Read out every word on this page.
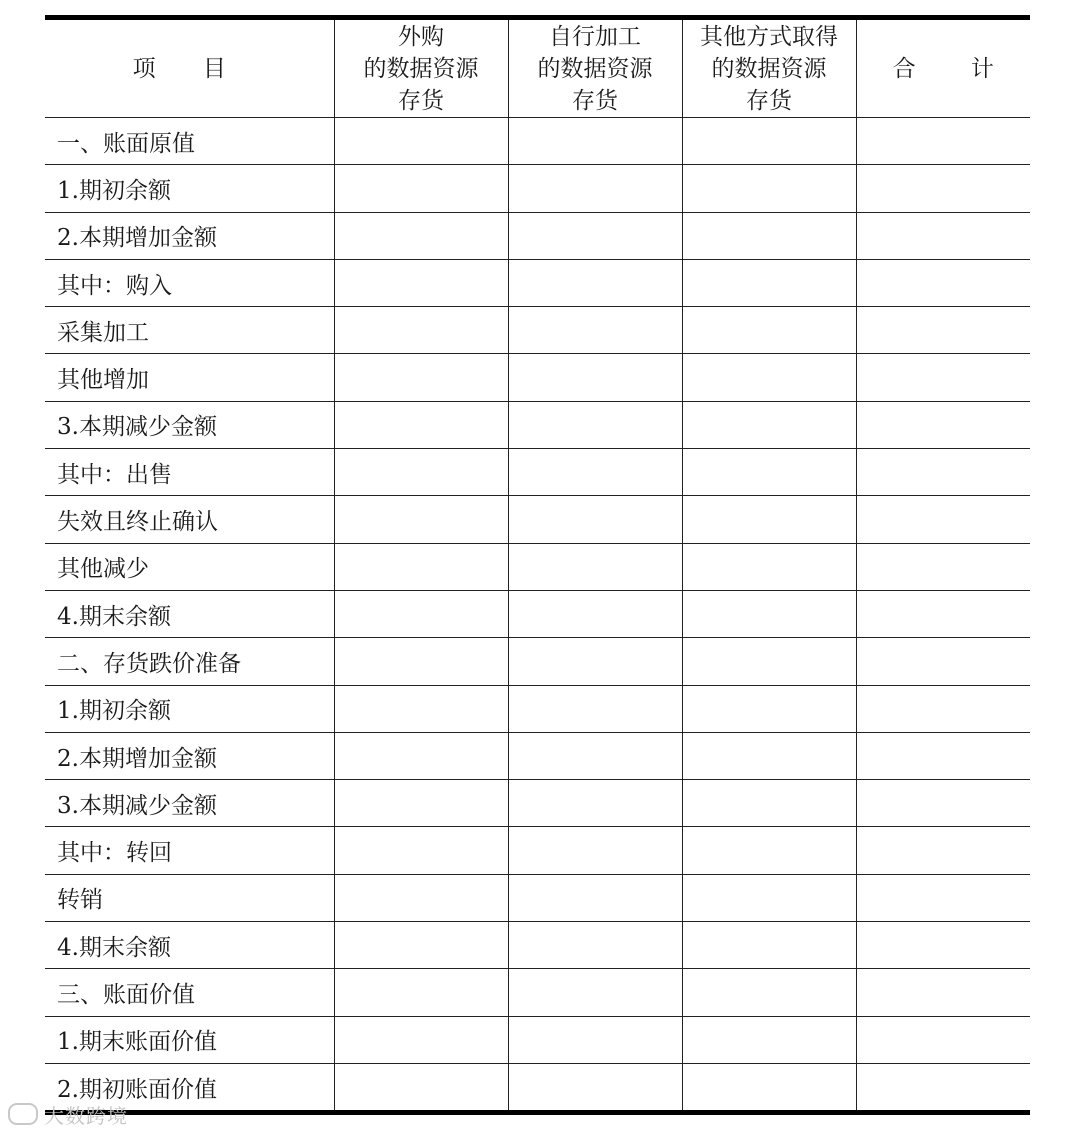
项 目	外购
的数据资源
存货	自行加工
的数据资源
存货	其他方式取得
的数据资源
存货	合 计

一、账面原值				
1.期初余额				
2.本期增加金额				
其中：购入				
采集加工				
其他增加				
3.本期减少金额				
其中：出售				
失效且终止确认				
其他减少				
4.期末余额				
二、存货跌价准备				
1.期初余额				
2.本期增加金额				
3.本期减少金额				
其中：转回				
转销				
4.期末余额				
三、账面价值				
1.期末账面价值				
2.期初账面价值				
大数跨境
